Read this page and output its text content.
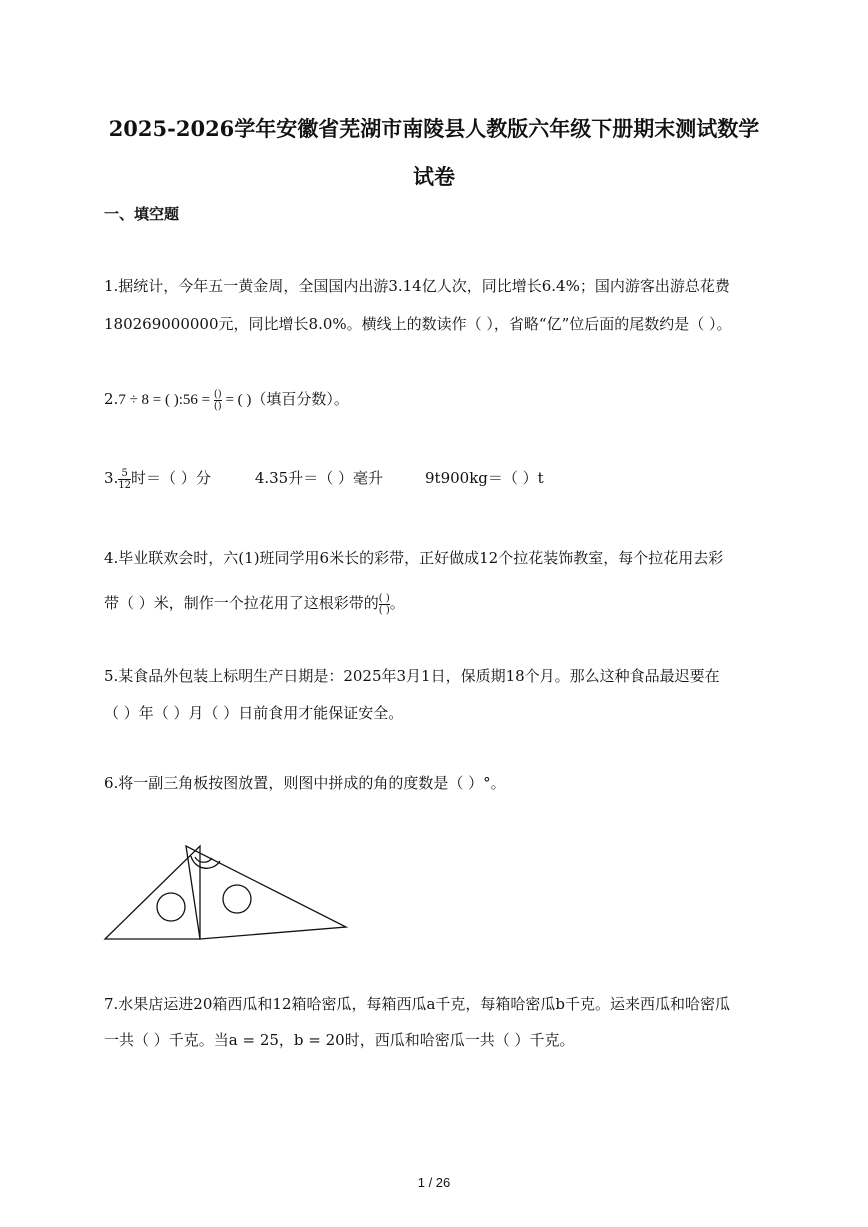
2025-2026学年安徽省芜湖市南陵县人教版六年级下册期末测试数学
试卷
一、填空题
1.据统计，今年五一黄金周，全国国内出游3.14亿人次，同比增长6.4%；国内游客出游总花费
180269000000元，同比增长8.0%。横线上的数读作（ ），省略“亿”位后面的尾数约是（ ）。
2.7 ÷ 8 = ( ):56 = $\frac{()}{()}$ = ( )（填百分数）。
3. $\frac{5}{12}$ 时＝（ ）分	4.35升＝（ ）毫升	9t900kg＝（ ）t
4.毕业联欢会时，六(1)班同学用6米长的彩带，正好做成12个拉花装饰教室，每个拉花用去彩
带（ ）米，制作一个拉花用了这根彩带的 $\frac{( )}{( )}$ 。
5.某食品外包装上标明生产日期是：2025年3月1日，保质期18个月。那么这种食品最迟要在
（ ）年（ ）月（ ）日前食用才能保证安全。
6.将一副三角板按图放置，则图中拼成的角的度数是（ ）°。
7.水果店运进20箱西瓜和12箱哈密瓜，每箱西瓜a千克，每箱哈密瓜b千克。运来西瓜和哈密瓜
一共（ ）千克。当a = 25，b = 20时，西瓜和哈密瓜一共（ ）千克。
1 / 26
